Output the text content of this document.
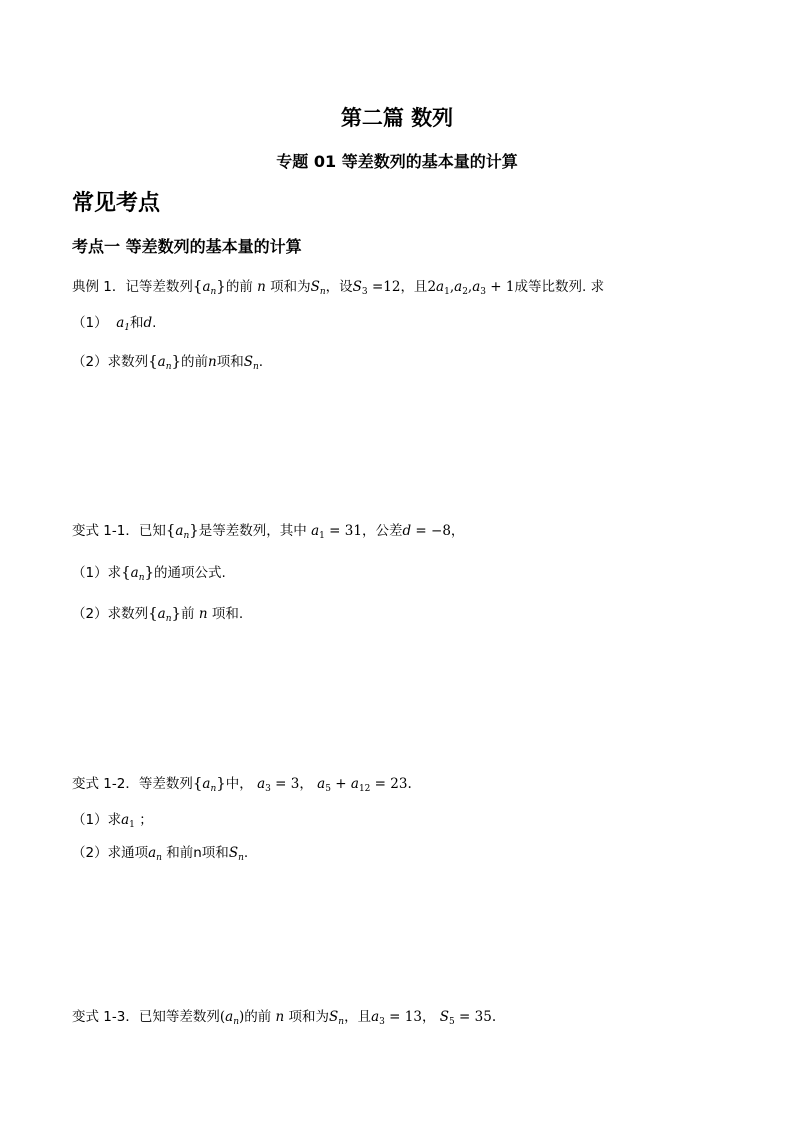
第二篇 数列
专题 01 等差数列的基本量的计算
常见考点
考点一 等差数列的基本量的计算
典例 1．记等差数列$\{a_n\}$的前 n 项和为$S_n$，设$S_3 =12$，且$2a_1,a_2,a_3 + 1$成等比数列. 求
（1） $a_1$和d.
（2）求数列$\{a_n\}$的前n项和$S_n$.
变式 1-1．已知$\{a_n\}$是等差数列，其中 $a_1 = 31$，公差d = −8，
（1）求$\{a_n\}$的通项公式.
（2）求数列$\{a_n\}$前 n 项和.
变式 1-2．等差数列$\{a_n\}$中， $a_3 = 3$， $a_5 + a_{12} = 23$.
（1）求$a_1$ ；
（2）求通项$a_n$ 和前n项和$S_n$.
变式 1-3．已知等差数列$(a_n)$的前 n 项和为$S_n$，且$a_3 = 13$， $S_5 = 35$.
